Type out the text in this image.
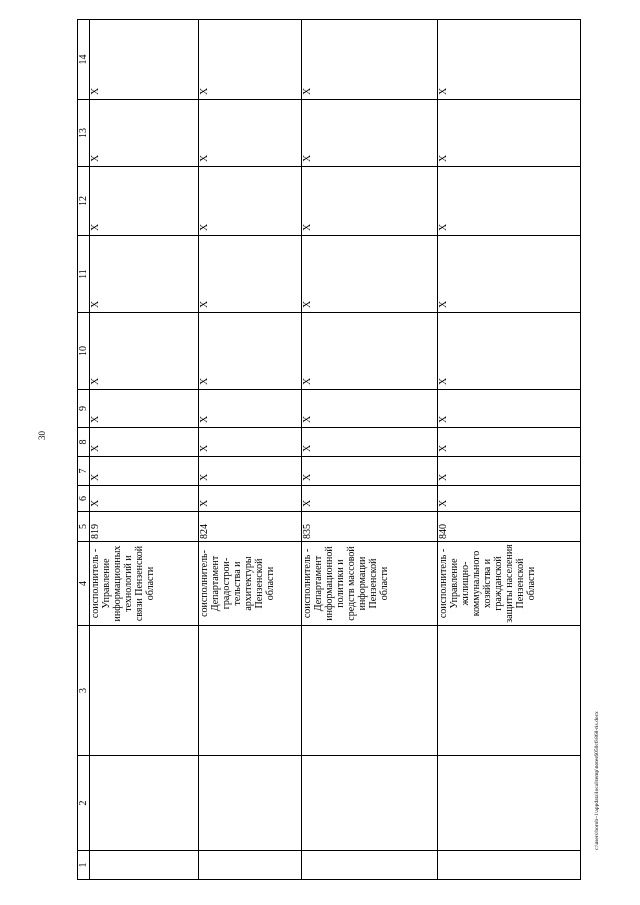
30
1	2	3	4	5	6	7	8	9	10	11	12	13	14
			соисполнитель - Управление информационных технологий и связи Пензенской области	819	X	X	X	X	X	X	X	X	X
			соисполнитель- Департамент градострои-тельства и архитектуры Пензенской области	824	X	X	X	X	X	X	X	X	X
			соисполнитель - Департамент информационной политики и средств массовой информации Пензенской области	835	X	X	X	X	X	X	X	X	X
			соисполнитель - Управление жилищно-коммунального хозяйства и гражданской защиты населения Пензенской области	840	X	X	X	X	X	X	X	X	X
c:\users\borob~1\appdata\local\temp\notes6050c6\868-ris.docx
